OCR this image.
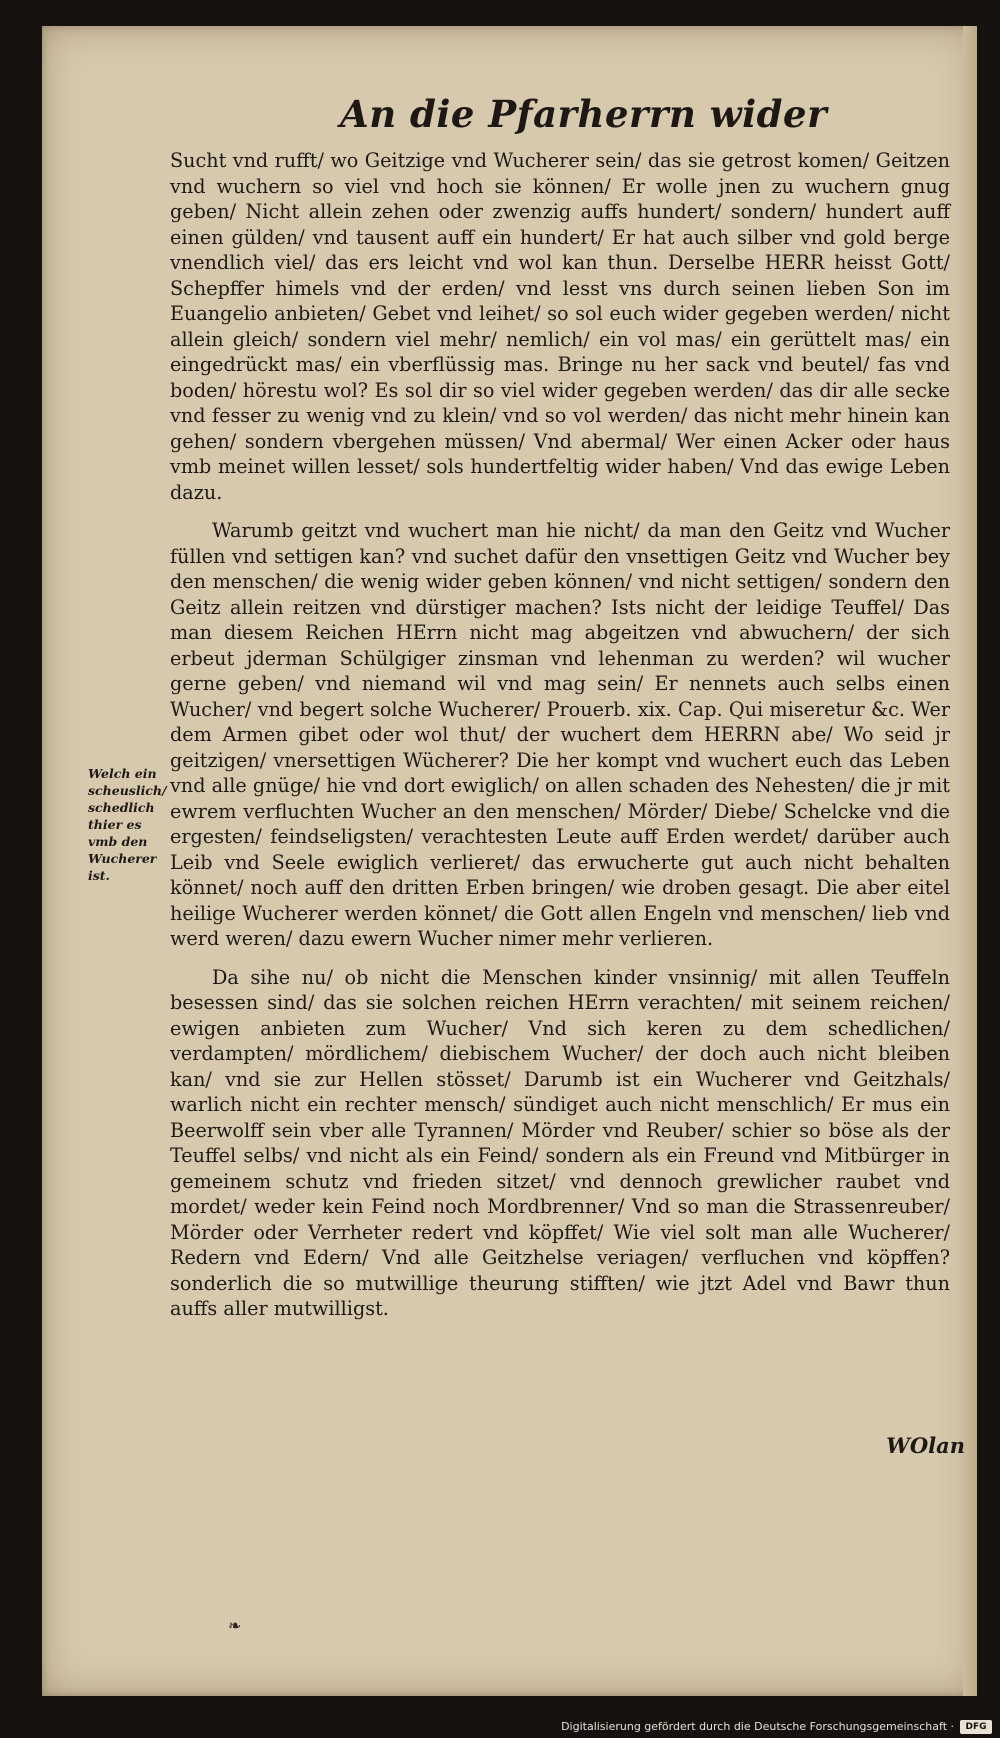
An die Pfarherrn wider

Sucht vnd rufft/ wo Geitzige vnd Wucherer sein/ das sie getrost komen/ Geitzen vnd wuchern so viel vnd hoch sie können/ Er wolle jnen zu wuchern gnug geben/ Nicht allein zehen oder zwenzig auffs hundert/ sondern/ hundert auff einen gülden/ vnd tausent auff ein hundert/ Er hat auch silber vnd gold berge vnendlich viel/ das ers leicht vnd wol kan thun. Derselbe HERR heisst Gott/ Schepffer himels vnd der erden/ vnd lesst vns durch seinen lieben Son im Euangelio anbieten/ Gebet vnd leihet/ so sol euch wider gegeben werden/ nicht allein gleich/ sondern viel mehr/ nemlich/ ein vol mas/ ein gerüttelt mas/ ein eingedrückt mas/ ein vberflüssig mas. Bringe nu her sack vnd beutel/ fas vnd boden/ hörestu wol? Es sol dir so viel wider gegeben werden/ das dir alle secke vnd fesser zu wenig vnd zu klein/ vnd so vol werden/ das nicht mehr hinein kan gehen/ sondern vbergehen müssen/ Vnd abermal/ Wer einen Acker oder haus vmb meinet willen lesset/ sols hundertfeltig wider haben/ Vnd das ewige Leben dazu.

Warumb geitzt vnd wuchert man hie nicht/ da man den Geitz vnd Wucher füllen vnd settigen kan? vnd suchet dafür den vnsettigen Geitz vnd Wucher bey den menschen/ die wenig wider geben können/ vnd nicht settigen/ sondern den Geitz allein reitzen vnd dürstiger machen? Ists nicht der leidige Teuffel/ Das man diesem Reichen HErrn nicht mag abgeitzen vnd abwuchern/ der sich erbeut jderman Schülgiger zinsman vnd lehenman zu werden? wil wucher gerne geben/ vnd niemand wil vnd mag sein/ Er nennets auch selbs einen Wucher/ vnd begert solche Wucherer/ Prouerb. xix. Cap. Qui miseretur &c. Wer dem Armen gibet oder wol thut/ der wuchert dem HERRN abe/ Wo seid jr geitzigen/ vnersettigen Wücherer? Die her kompt vnd wuchert euch das Leben vnd alle gnüge/ hie vnd dort ewiglich/ on allen schaden des Nehesten/ die jr mit ewrem verfluchten Wucher an den menschen/ Mörder/ Diebe/ Schelcke vnd die ergesten/ feindseligsten/ verachtesten Leute auff Erden werdet/ darüber auch Leib vnd Seele ewiglich verlieret/ das erwucherte gut auch nicht behalten könnet/ noch auff den dritten Erben bringen/ wie droben gesagt. Die aber eitel heilige Wucherer werden könnet/ die Gott allen Engeln vnd menschen/ lieb vnd werd weren/ dazu ewern Wucher nimer mehr verlieren.

Da sihe nu/ ob nicht die Menschen kinder vnsinnig/ mit allen Teuffeln besessen sind/ das sie solchen reichen HErrn verachten/ mit seinem reichen/ ewigen anbieten zum Wucher/ Vnd sich keren zu dem schedlichen/ verdampten/ mördlichem/ diebischem Wucher/ der doch auch nicht bleiben kan/ vnd sie zur Hellen stösset/ Darumb ist ein Wucherer vnd Geitzhals/ warlich nicht ein rechter mensch/ sündiget auch nicht menschlich/ Er mus ein Beerwolff sein vber alle Tyrannen/ Mörder vnd Reuber/ schier so böse als der Teuffel selbs/ vnd nicht als ein Feind/ sondern als ein Freund vnd Mitbürger in gemeinem schutz vnd frieden sitzet/ vnd dennoch grewlicher raubet vnd mordet/ weder kein Feind noch Mordbrenner/ Vnd so man die Strassenreuber/ Mörder oder Verrheter redert vnd köpffet/ Wie viel solt man alle Wucherer/ Redern vnd Edern/ Vnd alle Geitzhelse veriagen/ verfluchen vnd köpffen? sonderlich die so mutwillige theurung stifften/ wie jtzt Adel vnd Bawr thun auffs aller mutwilligst.

Welch ein scheuslich/ schedlich thier es vmb den Wucherer ist.
WOlan
❧
Digitalisierung gefördert durch die Deutsche Forschungsgemeinschaft ·	DFG
